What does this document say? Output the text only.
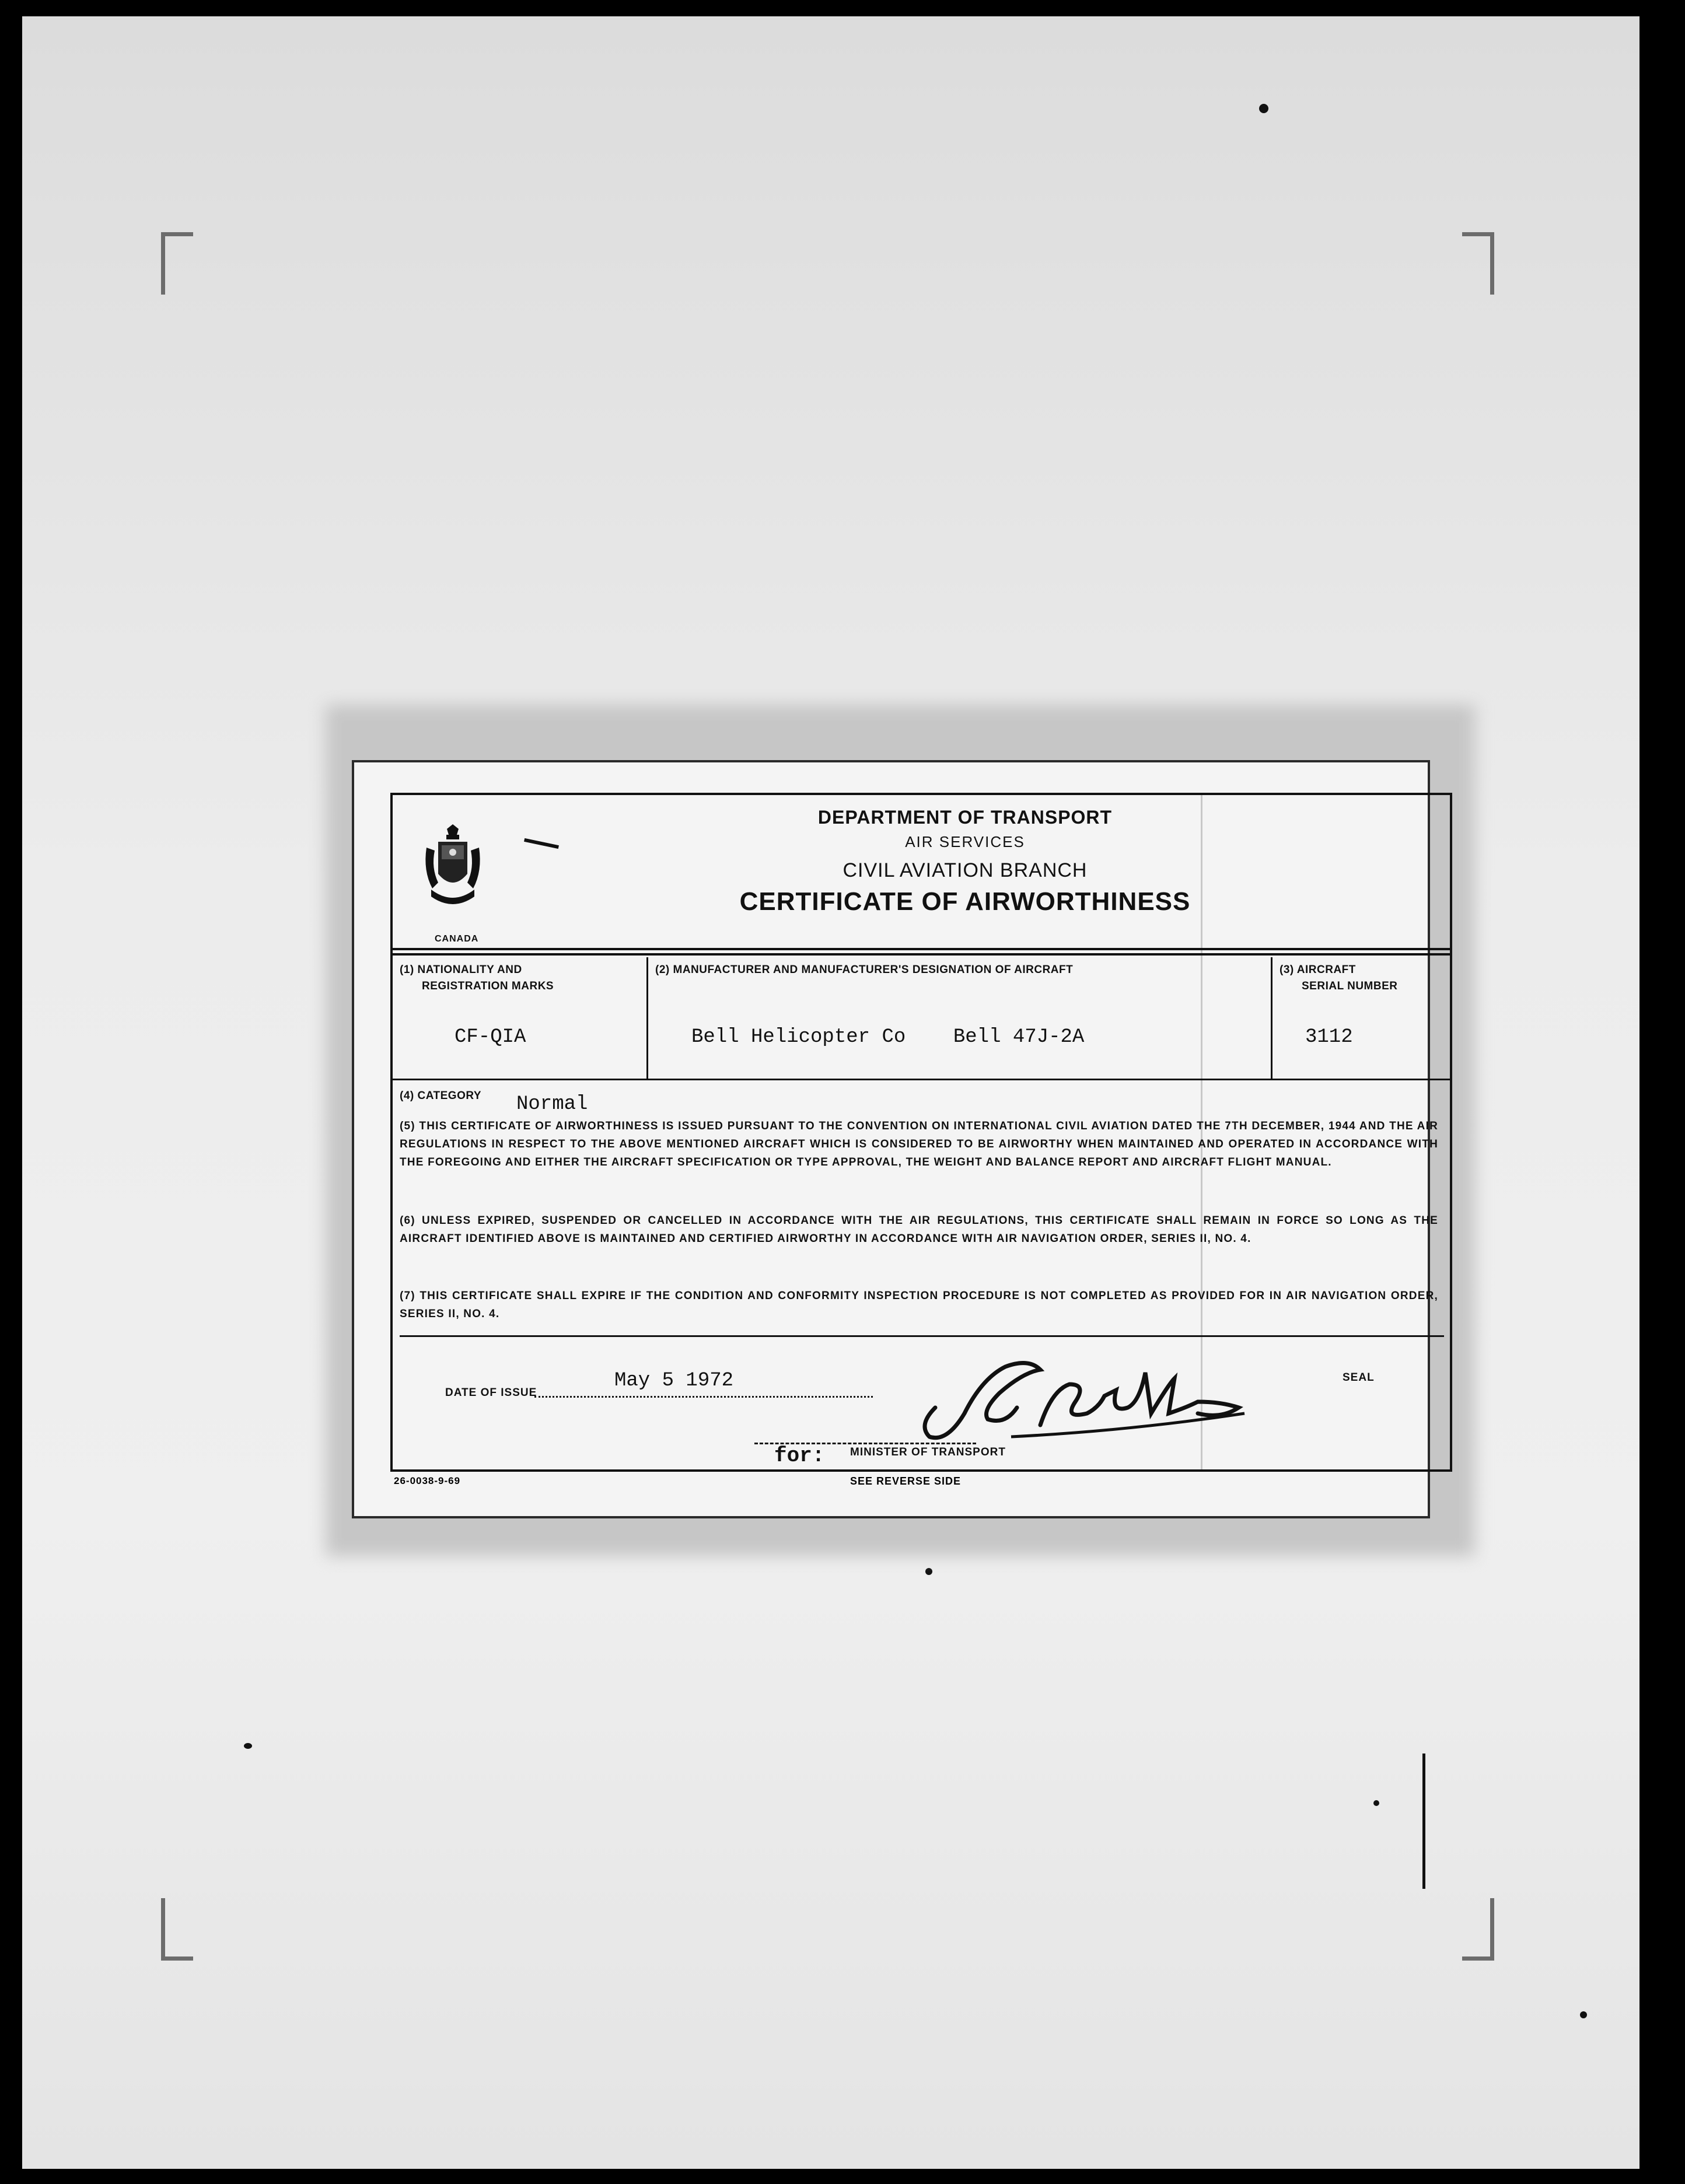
CANADA
DEPARTMENT OF TRANSPORT
AIR SERVICES
CIVIL AVIATION BRANCH
CERTIFICATE OF AIRWORTHINESS
(1) NATIONALITY AND
REGISTRATION MARKS
CF-QIA
(2) MANUFACTURER AND MANUFACTURER'S DESIGNATION OF AIRCRAFT
Bell Helicopter Co    Bell 47J-2A
(3) AIRCRAFT
SERIAL NUMBER
3112
(4) CATEGORY Normal
(5) THIS CERTIFICATE OF AIRWORTHINESS IS ISSUED PURSUANT TO THE CONVENTION ON INTERNATIONAL CIVIL AVIATION DATED THE 7TH DECEMBER, 1944 AND THE AIR REGULATIONS IN RESPECT TO THE ABOVE MENTIONED AIRCRAFT WHICH IS CONSIDERED TO BE AIRWORTHY WHEN MAINTAINED AND OPERATED IN ACCORDANCE WITH THE FOREGOING AND EITHER THE AIRCRAFT SPECIFICATION OR TYPE APPROVAL, THE WEIGHT AND BALANCE REPORT AND AIRCRAFT FLIGHT MANUAL.
(6) UNLESS EXPIRED, SUSPENDED OR CANCELLED IN ACCORDANCE WITH THE AIR REGULATIONS, THIS CERTIFICATE SHALL REMAIN IN FORCE SO LONG AS THE AIRCRAFT IDENTIFIED ABOVE IS MAINTAINED AND CERTIFIED AIRWORTHY IN ACCORDANCE WITH AIR NAVIGATION ORDER, SERIES II, NO. 4.
(7) THIS CERTIFICATE SHALL EXPIRE IF THE CONDITION AND CONFORMITY INSPECTION PROCEDURE IS NOT COMPLETED AS PROVIDED FOR IN AIR NAVIGATION ORDER, SERIES II, NO. 4.
DATE OF ISSUE
May 5 1972	SEAL
for: MINISTER OF TRANSPORT
26-0038-9-69	SEE REVERSE SIDE
